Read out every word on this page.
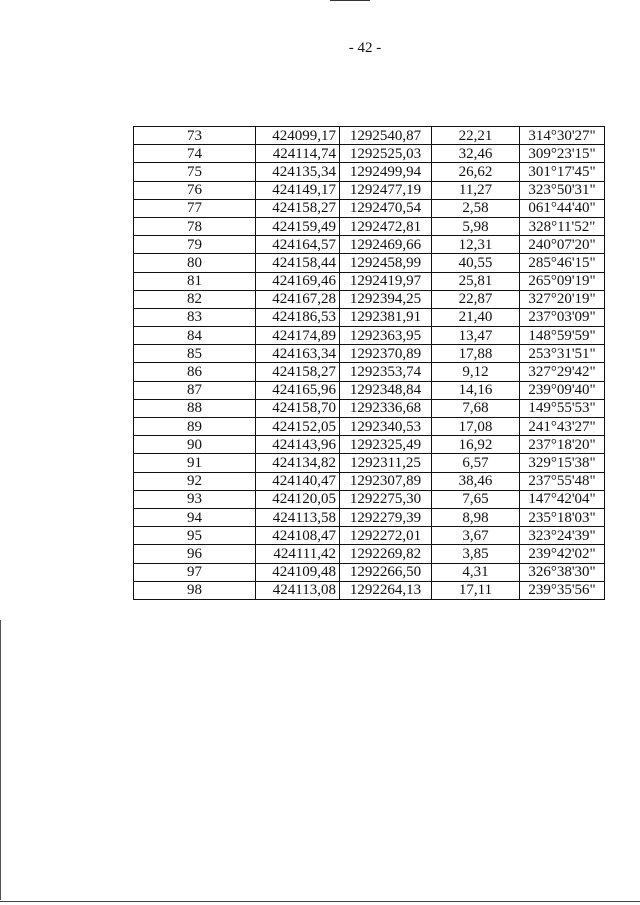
- 42 -
73	424099,17	1292540,87	22,21	314°30'27"
74	424114,74	1292525,03	32,46	309°23'15"
75	424135,34	1292499,94	26,62	301°17'45"
76	424149,17	1292477,19	11,27	323°50'31"
77	424158,27	1292470,54	2,58	061°44'40"
78	424159,49	1292472,81	5,98	328°11'52"
79	424164,57	1292469,66	12,31	240°07'20"
80	424158,44	1292458,99	40,55	285°46'15"
81	424169,46	1292419,97	25,81	265°09'19"
82	424167,28	1292394,25	22,87	327°20'19"
83	424186,53	1292381,91	21,40	237°03'09"
84	424174,89	1292363,95	13,47	148°59'59"
85	424163,34	1292370,89	17,88	253°31'51"
86	424158,27	1292353,74	9,12	327°29'42"
87	424165,96	1292348,84	14,16	239°09'40"
88	424158,70	1292336,68	7,68	149°55'53"
89	424152,05	1292340,53	17,08	241°43'27"
90	424143,96	1292325,49	16,92	237°18'20"
91	424134,82	1292311,25	6,57	329°15'38"
92	424140,47	1292307,89	38,46	237°55'48"
93	424120,05	1292275,30	7,65	147°42'04"
94	424113,58	1292279,39	8,98	235°18'03"
95	424108,47	1292272,01	3,67	323°24'39"
96	424111,42	1292269,82	3,85	239°42'02"
97	424109,48	1292266,50	4,31	326°38'30"
98	424113,08	1292264,13	17,11	239°35'56"
